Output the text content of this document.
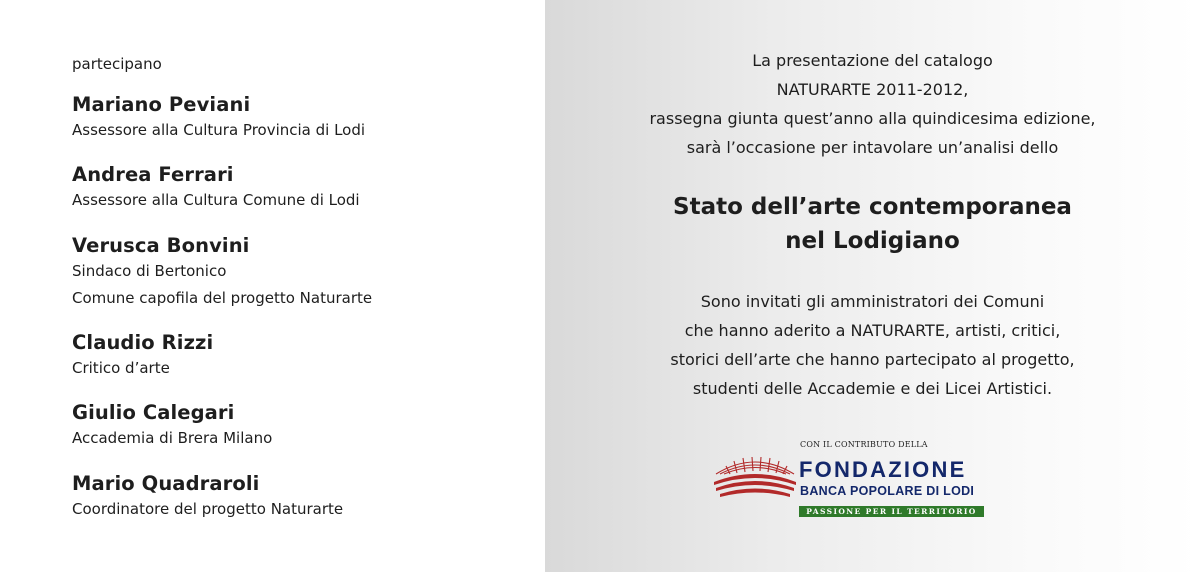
partecipano
Mariano Peviani
Assessore alla Cultura Provincia di Lodi
Andrea Ferrari
Assessore alla Cultura Comune di Lodi
Verusca Bonvini
Sindaco di Bertonico
Comune capofila del progetto Naturarte
Claudio Rizzi
Critico d’arte
Giulio Calegari
Accademia di Brera Milano
Mario Quadraroli
Coordinatore del progetto Naturarte
La presentazione del catalogo
NATURARTE 2011-2012,
rassegna giunta quest’anno alla quindicesima edizione,
sarà l’occasione per intavolare un’analisi dello
Stato dell’arte contemporanea
nel Lodigiano
Sono invitati gli amministratori dei Comuni
che hanno aderito a NATURARTE, artisti, critici,
storici dell’arte che hanno partecipato al progetto,
studenti delle Accademie e dei Licei Artistici.
CON IL CONTRIBUTO DELLA
FONDAZIONE
BANCA POPOLARE DI LODI
PASSIONE PER IL TERRITORIO
